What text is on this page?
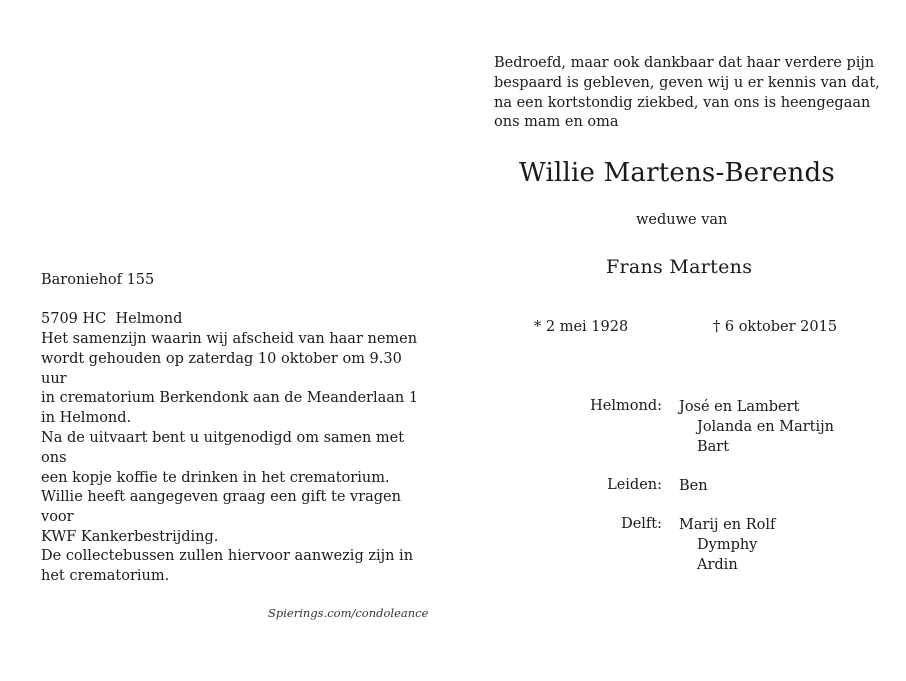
Baroniehof 155

5709 HC  Helmond

Het samenzijn waarin wij afscheid van haar nemen
wordt gehouden op zaterdag 10 oktober om 9.30 uur
in crematorium Berkendonk aan de Meanderlaan 1
in Helmond.
Na de uitvaart bent u uitgenodigd om samen met ons
een kopje koffie te drinken in het crematorium.
Willie heeft aangegeven graag een gift te vragen voor
KWF Kankerbestrijding.
De collectebussen zullen hiervoor aanwezig zijn in
het crematorium.
Spierings.com/condoleance
Bedroefd, maar ook dankbaar dat haar verdere pijn
bespaard is gebleven, geven wij u er kennis van dat,
na een kortstondig ziekbed, van ons is heengegaan
ons mam en oma
Willie Martens-Berends
weduwe van
Frans Martens
* 2 mei 1928	† 6 oktober 2015
Helmond: José en Lambert
Jolanda en Martijn
Bart
Leiden: Ben
Delft: Marij en Rolf
Dymphy
Ardin
